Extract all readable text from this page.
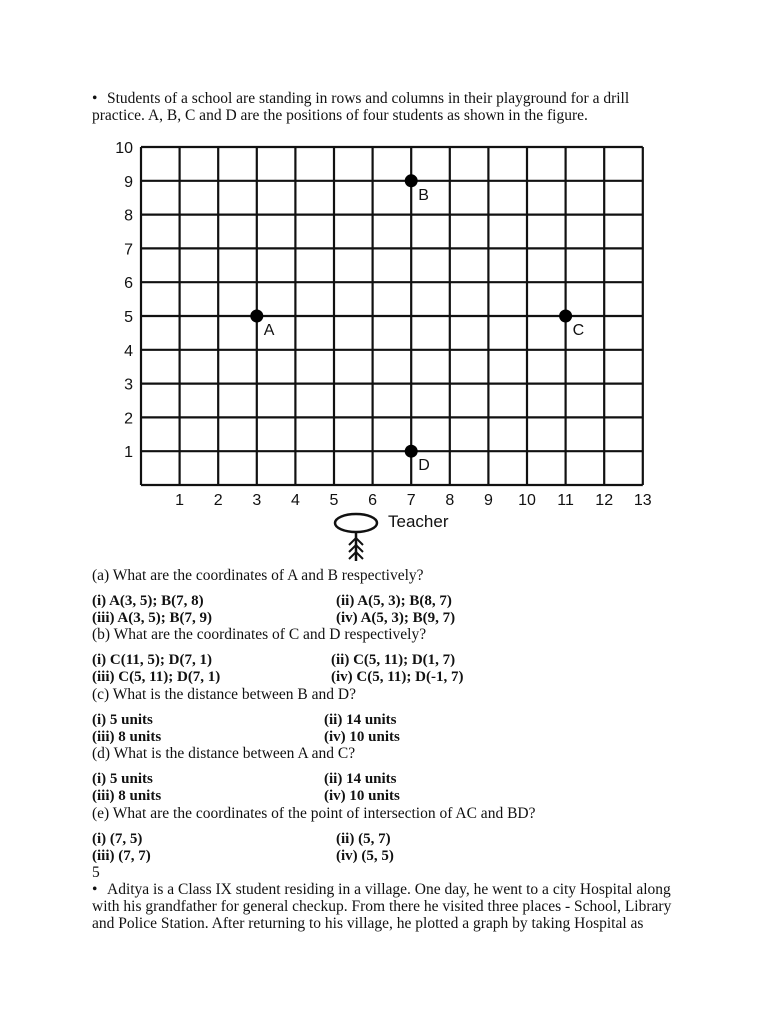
• Students of a school are standing in rows and columns in their playground for a drill
practice. A, B, C and D are the positions of four students as shown in the figure.
1 2 3 4 5 6 7 8 9 10 11 12 13
1
2
3
4
5
6
7
8
9
10
A
B
C
D
Teacher
(a) What are the coordinates of A and B respectively?
(i) A(3, 5); B(7, 8)	(ii) A(5, 3); B(8, 7)
(iii) A(3, 5); B(7, 9)	(iv) A(5, 3); B(9, 7)
(b) What are the coordinates of C and D respectively?
(i) C(11, 5); D(7, 1)	(ii) C(5, 11); D(1, 7)
(iii) C(5, 11); D(7, 1)	(iv) C(5, 11); D(-1, 7)
(c) What is the distance between B and D?
(i) 5 units	(ii) 14 units
(iii) 8 units	(iv) 10 units
(d) What is the distance between A and C?
(i) 5 units	(ii) 14 units
(iii) 8 units	(iv) 10 units
(e) What are the coordinates of the point of intersection of AC and BD?
(i) (7, 5)	(ii) (5, 7)
(iii) (7, 7)	(iv) (5, 5)
5
• Aditya is a Class IX student residing in a village. One day, he went to a city Hospital along
with his grandfather for general checkup. From there he visited three places - School, Library
and Police Station. After returning to his village, he plotted a graph by taking Hospital as
